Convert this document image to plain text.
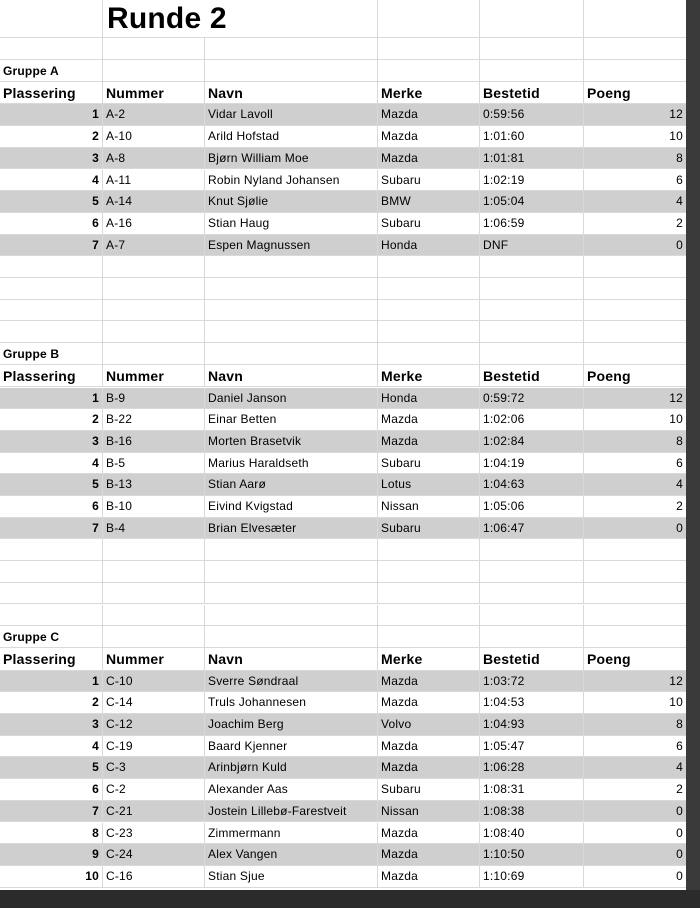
Runde 2
Gruppe A
Plassering	Nummer	Navn	Merke	Bestetid	Poeng
1 A-2	Vidar Lavoll	Mazda	0:59:56	12
2 A-10	Arild Hofstad	Mazda	1:01:60	10
3 A-8	Bjørn William Moe	Mazda	1:01:81	8
4 A-11	Robin Nyland Johansen	Subaru	1:02:19	6
5 A-14	Knut Sjølie	BMW	1:05:04	4
6 A-16	Stian Haug	Subaru	1:06:59	2
7 A-7	Espen Magnussen	Honda	DNF	0
Gruppe B
Plassering	Nummer	Navn	Merke	Bestetid	Poeng
1 B-9	Daniel Janson	Honda	0:59:72	12
2 B-22	Einar Betten	Mazda	1:02:06	10
3 B-16	Morten Brasetvik	Mazda	1:02:84	8
4 B-5	Marius Haraldseth	Subaru	1:04:19	6
5 B-13	Stian Aarø	Lotus	1:04:63	4
6 B-10	Eivind Kvigstad	Nissan	1:05:06	2
7 B-4	Brian Elvesæter	Subaru	1:06:47	0
Gruppe C
Plassering	Nummer	Navn	Merke	Bestetid	Poeng
1 C-10	Sverre Søndraal	Mazda	1:03:72	12
2 C-14	Truls Johannesen	Mazda	1:04:53	10
3 C-12	Joachim Berg	Volvo	1:04:93	8
4 C-19	Baard Kjenner	Mazda	1:05:47	6
5 C-3	Arinbjørn Kuld	Mazda	1:06:28	4
6 C-2	Alexander Aas	Subaru	1:08:31	2
7 C-21	Jostein Lillebø-Farestveit	Nissan	1:08:38	0
8 C-23	Zimmermann	Mazda	1:08:40	0
9 C-24	Alex Vangen	Mazda	1:10:50	0
10 C-16	Stian Sjue	Mazda	1:10:69	0
